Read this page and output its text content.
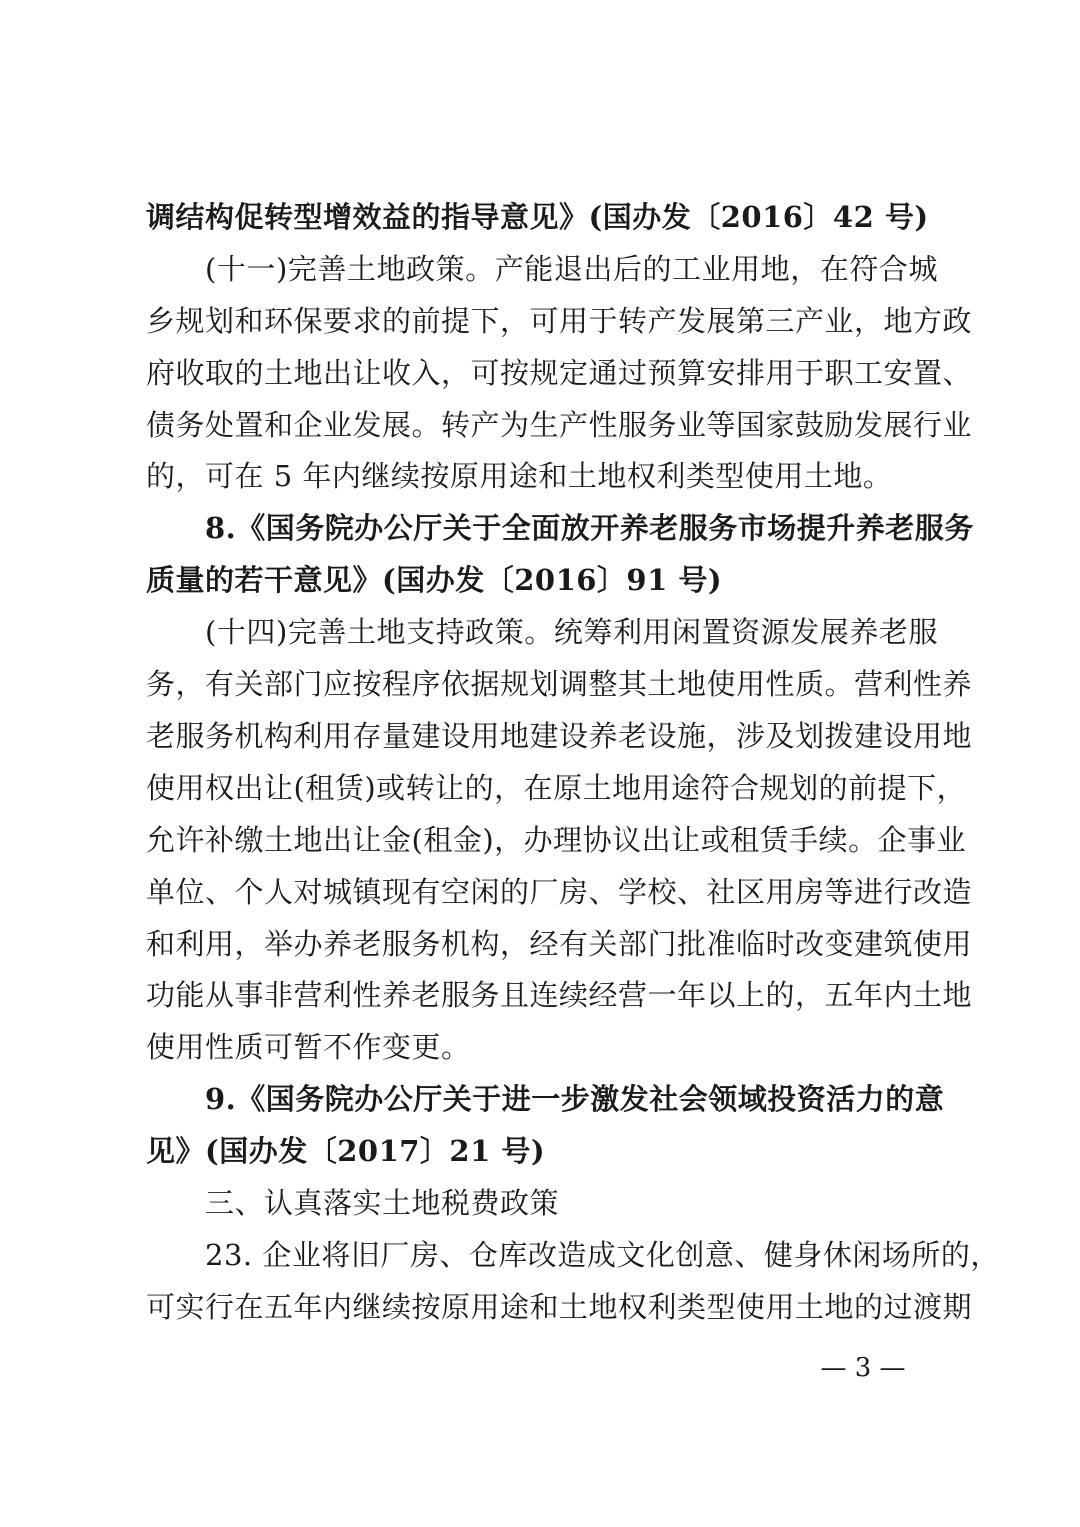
调结构促转型增效益的指导意见》(国办发〔2016〕42 号)
(十一)完善土地政策。产能退出后的工业用地，在符合城
乡规划和环保要求的前提下，可用于转产发展第三产业，地方政
府收取的土地出让收入，可按规定通过预算安排用于职工安置、
债务处置和企业发展。转产为生产性服务业等国家鼓励发展行业
的，可在 5 年内继续按原用途和土地权利类型使用土地。
8.《国务院办公厅关于全面放开养老服务市场提升养老服务
质量的若干意见》(国办发〔2016〕91 号)
(十四)完善土地支持政策。统筹利用闲置资源发展养老服
务，有关部门应按程序依据规划调整其土地使用性质。营利性养
老服务机构利用存量建设用地建设养老设施，涉及划拨建设用地
使用权出让(租赁)或转让的，在原土地用途符合规划的前提下，
允许补缴土地出让金(租金)，办理协议出让或租赁手续。企事业
单位、个人对城镇现有空闲的厂房、学校、社区用房等进行改造
和利用，举办养老服务机构，经有关部门批准临时改变建筑使用
功能从事非营利性养老服务且连续经营一年以上的，五年内土地
使用性质可暂不作变更。
9.《国务院办公厅关于进一步激发社会领域投资活力的意
见》(国办发〔2017〕21 号)
三、认真落实土地税费政策
23. 企业将旧厂房、仓库改造成文化创意、健身休闲场所的，
可实行在五年内继续按原用途和土地权利类型使用土地的过渡期
— 3 —
